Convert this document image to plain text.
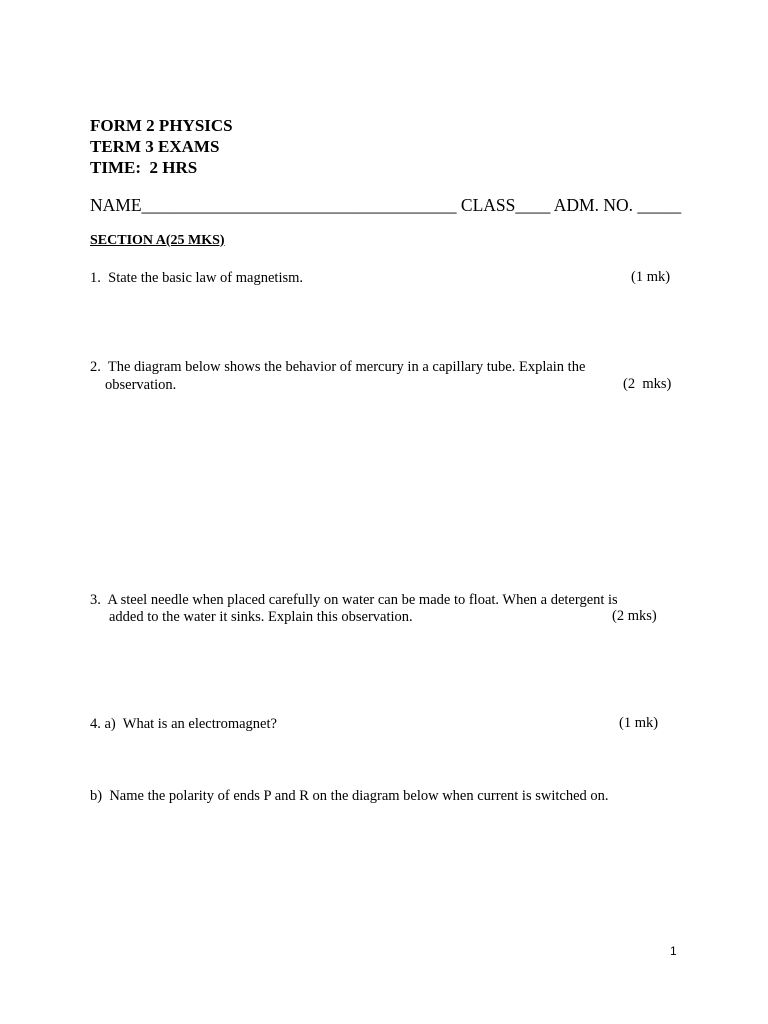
FORM 2 PHYSICS
TERM 3 EXAMS
TIME:  2 HRS
NAME____________________________________ CLASS____ ADM. NO. _____
SECTION A(25 MKS)
1.  State the basic law of magnetism.	(1 mk)
2.  The diagram below shows the behavior of mercury in a capillary tube. Explain the
observation.	(2  mks)
3.  A steel needle when placed carefully on water can be made to float. When a detergent is
added to the water it sinks. Explain this observation.	(2 mks)
4. a)  What is an electromagnet?	(1 mk)
b)  Name the polarity of ends P and R on the diagram below when current is switched on.
1
